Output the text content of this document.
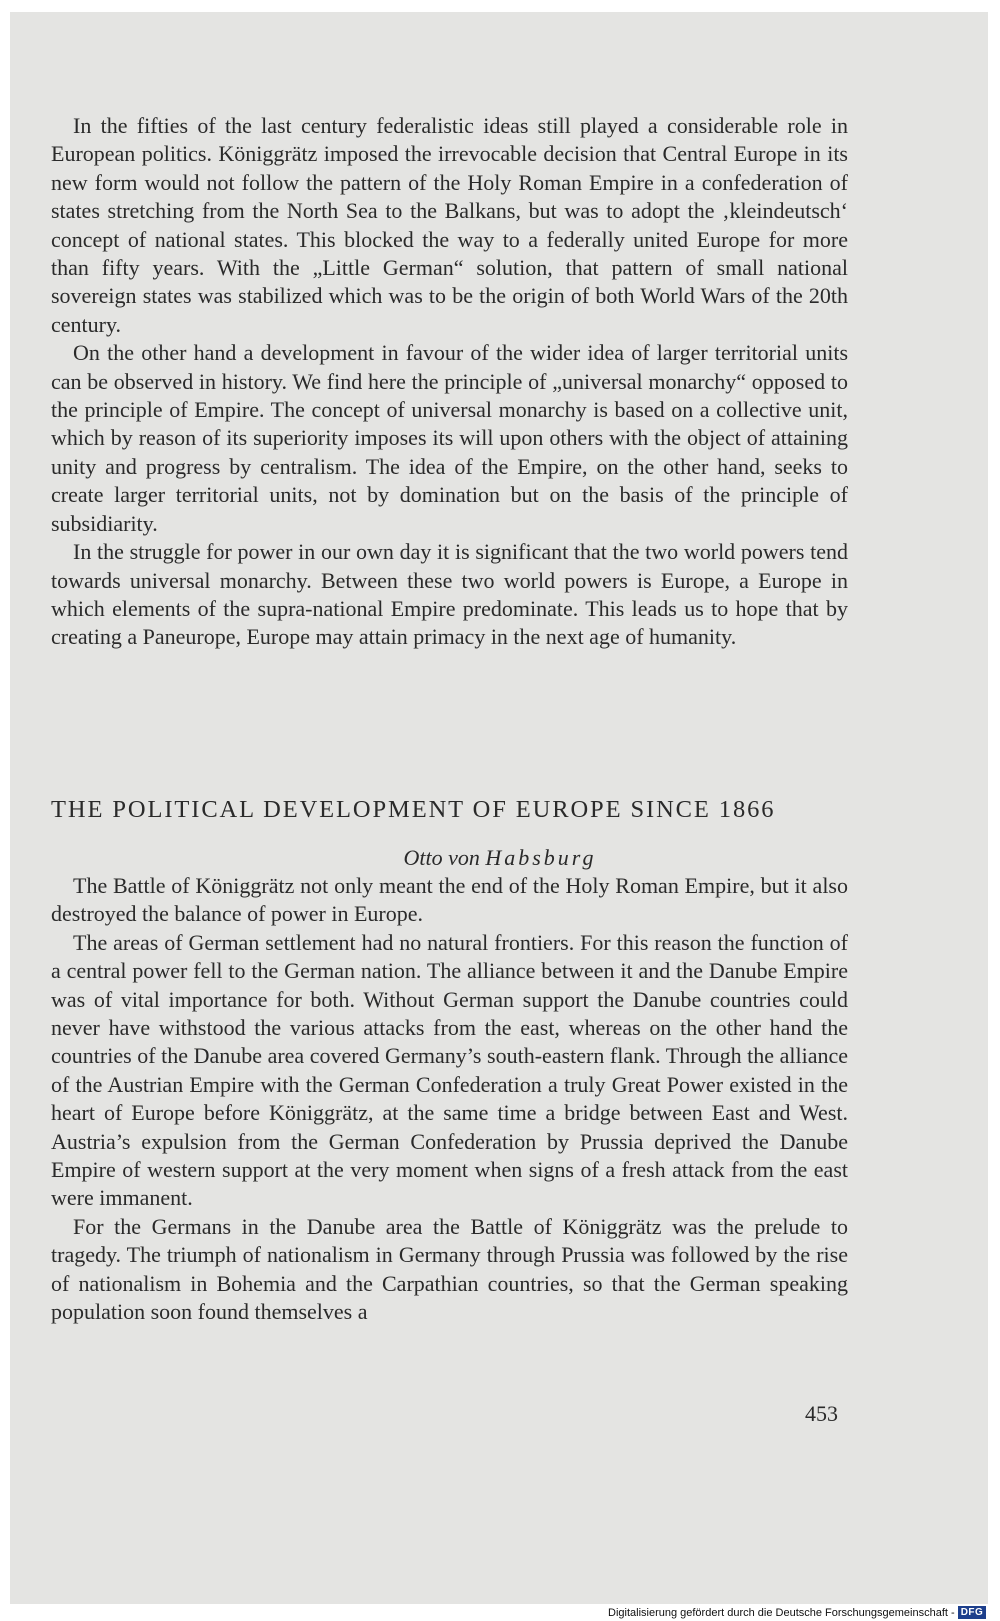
In the fifties of the last century federalistic ideas still played a considerable role in European politics. Königgrätz imposed the irrevocable decision that Central Europe in its new form would not follow the pattern of the Holy Roman Empire in a confederation of states stretching from the North Sea to the Balkans, but was to adopt the ‚kleindeutsch‘ concept of national states. This blocked the way to a federally united Europe for more than fifty years. With the „Little German“ solution, that pattern of small national sovereign states was stabilized which was to be the origin of both World Wars of the 20th century.

On the other hand a development in favour of the wider idea of larger territorial units can be observed in history. We find here the principle of „universal monarchy“ opposed to the principle of Empire. The concept of universal monarchy is based on a collective unit, which by reason of its superiority imposes its will upon others with the object of attaining unity and progress by centralism. The idea of the Empire, on the other hand, seeks to create larger territorial units, not by domination but on the basis of the principle of subsidiarity.

In the struggle for power in our own day it is significant that the two world powers tend towards universal monarchy. Between these two world powers is Europe, a Europe in which elements of the supra-national Empire predominate. This leads us to hope that by creating a Paneurope, Europe may attain primacy in the next age of humanity.

THE POLITICAL DEVELOPMENT OF EUROPE SINCE 1866

Otto von Habsburg

The Battle of Königgrätz not only meant the end of the Holy Roman Empire, but it also destroyed the balance of power in Europe.

The areas of German settlement had no natural frontiers. For this reason the function of a central power fell to the German nation. The alliance between it and the Danube Empire was of vital importance for both. Without German support the Danube countries could never have withstood the various attacks from the east, whereas on the other hand the countries of the Danube area covered Germany’s south-eastern flank. Through the alliance of the Austrian Empire with the German Confederation a truly Great Power existed in the heart of Europe before Königgrätz, at the same time a bridge between East and West. Austria’s expulsion from the German Confederation by Prussia deprived the Danube Empire of western support at the very moment when signs of a fresh attack from the east were immanent.

For the Germans in the Danube area the Battle of Königgrätz was the prelude to tragedy. The triumph of nationalism in Germany through Prussia was followed by the rise of nationalism in Bohemia and the Carpathian countries, so that the German speaking population soon found themselves a

453
Digitalisierung gefördert durch die Deutsche Forschungsgemeinschaft - DFG
